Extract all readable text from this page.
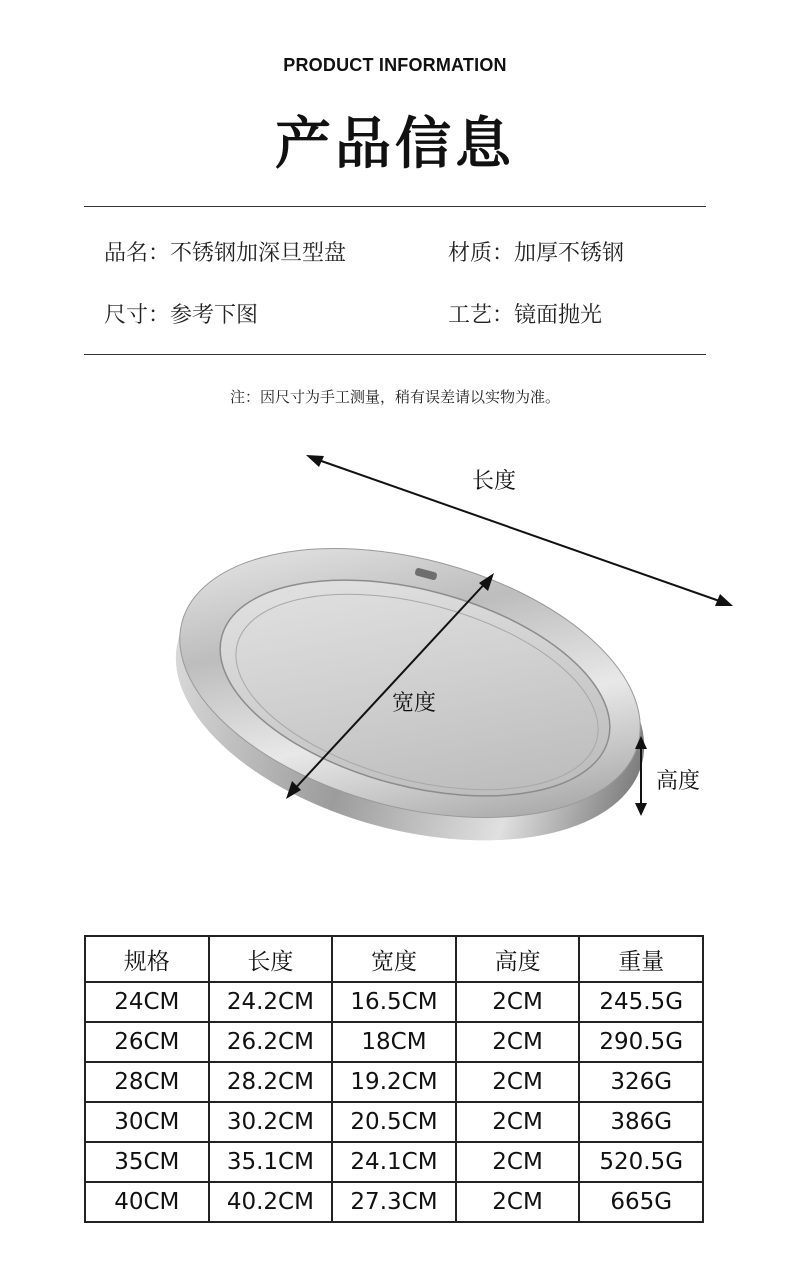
PRODUCT INFORMATION
产品信息
品名：不锈钢加深旦型盘	材质：加厚不锈钢
尺寸：参考下图	工艺：镜面抛光
注：因尺寸为手工测量，稍有误差请以实物为准。
长度
宽度
高度
规格	长度	宽度	高度	重量
24CM	24.2CM	16.5CM	2CM	245.5G
26CM	26.2CM	18CM	2CM	290.5G
28CM	28.2CM	19.2CM	2CM	326G
30CM	30.2CM	20.5CM	2CM	386G
35CM	35.1CM	24.1CM	2CM	520.5G
40CM	40.2CM	27.3CM	2CM	665G
